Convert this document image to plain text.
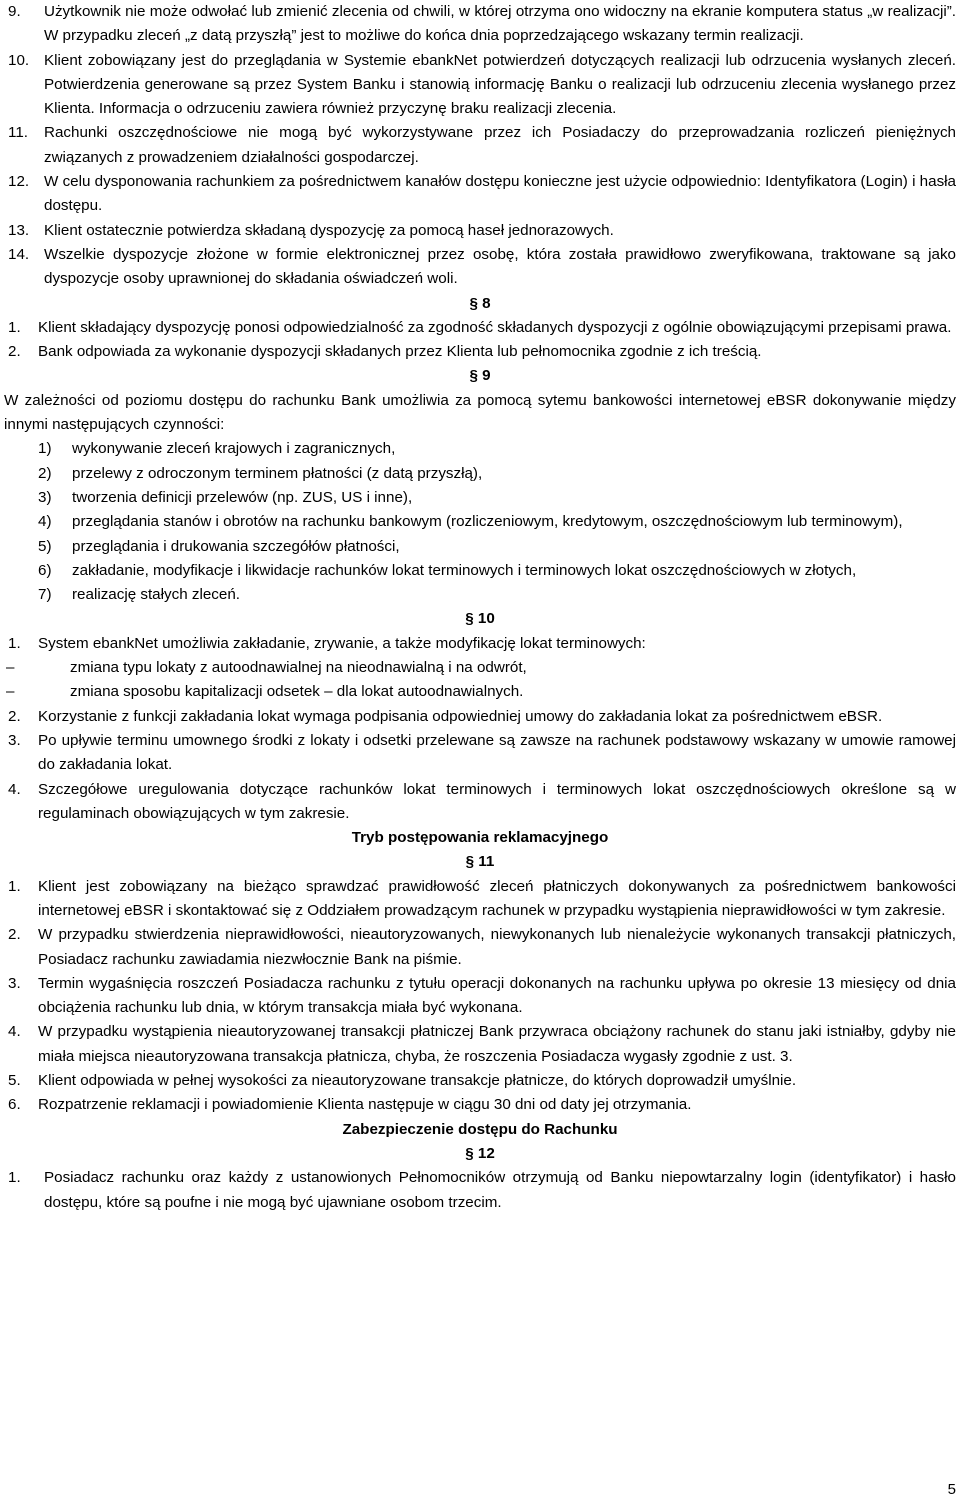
9.	Użytkownik nie może odwołać lub zmienić zlecenia od chwili, w której otrzyma ono widoczny na ekranie komputera status „w realizacji”. W przypadku zleceń „z datą przyszłą” jest to możliwe do końca dnia poprzedzającego wskazany termin realizacji.
10. Klient zobowiązany jest do przeglądania w Systemie ebankNet potwierdzeń dotyczących realizacji lub odrzucenia wysłanych zleceń. Potwierdzenia generowane są przez System Banku i stanowią informację Banku o realizacji lub odrzuceniu zlecenia wysłanego przez Klienta. Informacja o odrzuceniu zawiera również przyczynę braku realizacji zlecenia.
11.	Rachunki oszczędnościowe nie mogą być wykorzystywane przez ich Posiadaczy do przeprowadzania rozliczeń pieniężnych związanych z prowadzeniem działalności gospodarczej.
12. W celu dysponowania rachunkiem za pośrednictwem kanałów dostępu konieczne jest użycie odpowiednio: Identyfikatora (Login) i hasła dostępu.
13. Klient ostatecznie potwierdza składaną dyspozycję za pomocą haseł jednorazowych.
14. Wszelkie dyspozycje złożone w formie elektronicznej przez osobę, która została prawidłowo zweryfikowana, traktowane są jako dyspozycje osoby uprawnionej do składania oświadczeń woli.
§ 8
1.	Klient składający dyspozycję ponosi odpowiedzialność za zgodność składanych dyspozycji z ogólnie obowiązującymi przepisami prawa.
2.	Bank odpowiada za wykonanie dyspozycji składanych przez Klienta lub pełnomocnika zgodnie z ich treścią.
§ 9
W zależności od poziomu dostępu do rachunku Bank umożliwia za pomocą sytemu bankowości internetowej eBSR dokonywanie między innymi następujących czynności:
1)	wykonywanie zleceń krajowych i zagranicznych,
2)	przelewy z odroczonym terminem płatności (z datą przyszłą),
3)	tworzenia definicji przelewów (np. ZUS, US i inne),
4)	przeglądania stanów i obrotów na rachunku bankowym (rozliczeniowym, kredytowym, oszczędnościowym lub terminowym),
5)	przeglądania i drukowania szczegółów płatności,
6)	zakładanie, modyfikacje i likwidacje rachunków lokat terminowych i terminowych lokat oszczędnościowych w złotych,
7)	realizację stałych zleceń.
§ 10
1.	System ebankNet umożliwia zakładanie, zrywanie, a także modyfikację lokat terminowych:
–	zmiana typu lokaty z autoodnawialnej na nieodnawialną i na odwrót,
–	zmiana sposobu kapitalizacji odsetek – dla lokat autoodnawialnych.
2.	Korzystanie z funkcji zakładania lokat wymaga podpisania odpowiedniej umowy do zakładania lokat za pośrednictwem eBSR.
3.	Po upływie terminu umownego środki z lokaty i odsetki przelewane są zawsze na rachunek podstawowy wskazany w umowie ramowej do zakładania lokat.
4.	Szczegółowe uregulowania dotyczące rachunków lokat terminowych i terminowych lokat oszczędnościowych określone są w regulaminach obowiązujących w tym zakresie.
Tryb postępowania reklamacyjnego
§ 11
1.	Klient jest zobowiązany na bieżąco sprawdzać prawidłowość zleceń płatniczych dokonywanych za pośrednictwem bankowości internetowej eBSR i skontaktować się z Oddziałem prowadzącym rachunek w przypadku wystąpienia nieprawidłowości w tym zakresie.
2.	W przypadku stwierdzenia nieprawidłowości, nieautoryzowanych, niewykonanych lub nienależycie wykonanych transakcji płatniczych, Posiadacz rachunku zawiadamia niezwłocznie Bank na piśmie.
3.	Termin wygaśnięcia roszczeń Posiadacza rachunku z tytułu operacji dokonanych na rachunku upływa po okresie 13 miesięcy od dnia obciążenia rachunku lub dnia, w którym transakcja miała być wykonana.
4.	W przypadku wystąpienia nieautoryzowanej transakcji płatniczej Bank przywraca obciążony rachunek do stanu jaki istniałby, gdyby nie miała miejsca nieautoryzowana transakcja płatnicza, chyba, że roszczenia Posiadacza wygasły zgodnie z ust. 3.
5.	Klient odpowiada w pełnej wysokości za nieautoryzowane transakcje płatnicze, do których doprowadził umyślnie.
6.	Rozpatrzenie reklamacji i powiadomienie Klienta następuje w ciągu 30 dni od daty jej otrzymania.
Zabezpieczenie dostępu do Rachunku
§ 12
1.	Posiadacz rachunku oraz każdy z ustanowionych Pełnomocników otrzymują od Banku niepowtarzalny login (identyfikator) i hasło dostępu, które są poufne i nie mogą być ujawniane osobom trzecim.
5
